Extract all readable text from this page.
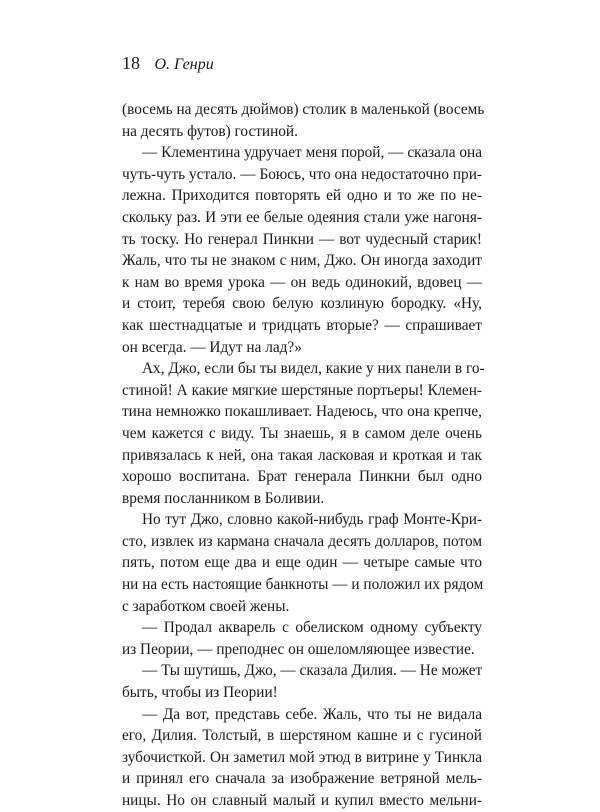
18 О. Генри
(восемь на десять дюймов) столик в маленькой (восемь
на десять футов) гостиной.
— Клементина удручает меня порой, — сказала она
чуть-чуть устало. — Боюсь, что она недостаточно при-
лежна. Приходится повторять ей одно и то же по не-
скольку раз. И эти ее белые одеяния стали уже нагоня-
ть тоску. Но генерал Пинкни — вот чудесный старик!
Жаль, что ты не знаком с ним, Джо. Он иногда заходит
к нам во время урока — он ведь одинокий, вдовец —
и стоит, теребя свою белую козлиную бородку. «Ну,
как шестнадцатые и тридцать вторые? — спрашивает
он всегда. — Идут на лад?»
Ах, Джо, если бы ты видел, какие у них панели в го-
стиной! А какие мягкие шерстяные портьеры! Клемен-
тина немножко покашливает. Надеюсь, что она крепче,
чем кажется с виду. Ты знаешь, я в самом деле очень
привязалась к ней, она такая ласковая и кроткая и так
хорошо воспитана. Брат генерала Пинкни был одно
время посланником в Боливии.
Но тут Джо, словно какой-нибудь граф Монте-Кри-
сто, извлек из кармана сначала десять долларов, потом
пять, потом еще два и еще один — четыре самые что
ни на есть настоящие банкноты — и положил их рядом
с заработком своей жены.
— Продал акварель с обелиском одному субъекту
из Пеории, — преподнес он ошеломляющее известие.
— Ты шутишь, Джо, — сказала Дилия. — Не может
быть, чтобы из Пеории!
— Да вот, представь себе. Жаль, что ты не видала
его, Дилия. Толстый, в шерстяном кашне и с гусиной
зубочисткой. Он заметил мой этюд в витрине у Тинкла
и принял его сначала за изображение ветряной мель-
ницы. Но он славный малый и купил вместо мельни-
